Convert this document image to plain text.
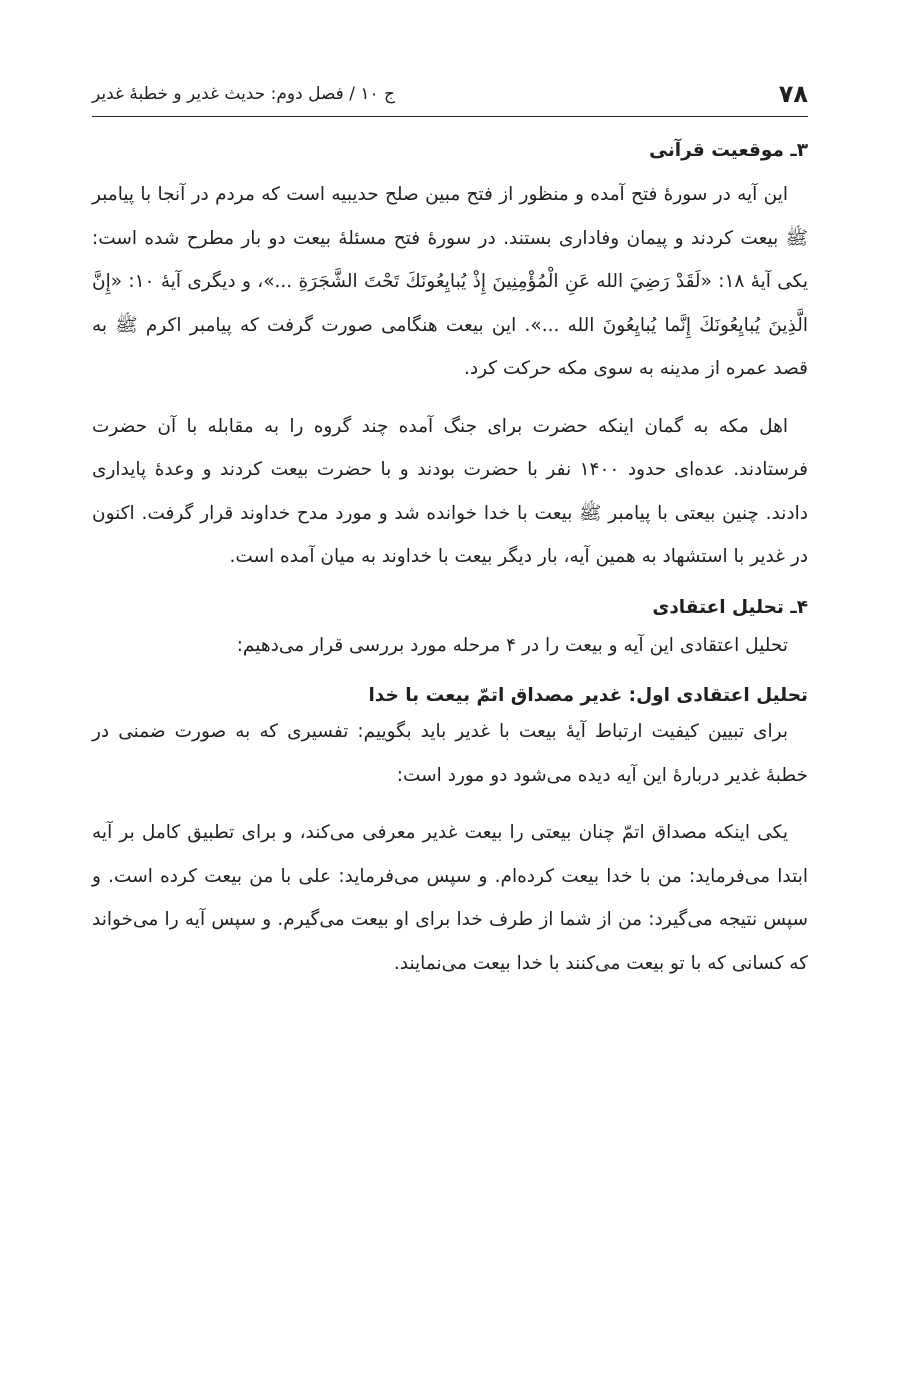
۷۸
ج ۱۰ / فصل دوم: حدیث غدیر و خطبۀ غدیر
۳ـ موقعیت قرآنی

این آیه در سورۀ فتح آمده و منظور از فتح مبین صلح حدیبیه است که مردم در آنجا با پیامبر ﷺ بیعت کردند و پیمان وفاداری بستند. در سورۀ فتح مسئلۀ بیعت دو بار مطرح شده است: یکی آیۀ ۱۸: «لَقَدْ رَضِيَ الله عَنِ الْمُؤْمِنِينَ إِذْ يُبايِعُونَكَ تَحْتَ الشَّجَرَةِ ...»، و دیگری آیۀ ۱۰: «إِنَّ الَّذِينَ يُبايِعُونَكَ إِنَّما يُبايِعُونَ الله ...». این بیعت هنگامی صورت گرفت که پیامبر اکرم ﷺ به قصد عمره از مدینه به سوی مکه حرکت کرد.

اهل مکه به گمان اینکه حضرت برای جنگ آمده چند گروه را به مقابله با آن حضرت فرستادند. عده‌ای حدود ۱۴۰۰ نفر با حضرت بودند و با حضرت بیعت کردند و وعدۀ پایداری دادند. چنین بیعتی با پیامبر ﷺ بیعت با خدا خوانده شد و مورد مدح خداوند قرار گرفت. اکنون در غدیر با استشهاد به همین آیه، بار دیگر بیعت با خداوند به میان آمده است.

۴ـ تحلیل اعتقادی

تحلیل اعتقادی این آیه و بیعت را در ۴ مرحله مورد بررسی قرار می‌دهیم:

تحلیل اعتقادی اول: غدیر مصداق اتمّ بیعت با خدا

برای تبیین کیفیت ارتباط آیۀ بیعت با غدیر باید بگوییم: تفسیری که به صورت ضمنی در خطبۀ غدیر دربارۀ این آیه دیده می‌شود دو مورد است:

یکی اینکه مصداق اتمّ چنان بیعتی را بیعت غدیر معرفی می‌کند، و برای تطبیق کامل بر آیه ابتدا می‌فرماید: من با خدا بیعت کرده‌ام. و سپس می‌فرماید: علی با من بیعت کرده است. و سپس نتیجه می‌گیرد: من از شما از طرف خدا برای او بیعت می‌گیرم. و سپس آیه را می‌خواند که کسانی که با تو بیعت می‌کنند با خدا بیعت می‌نمایند.
